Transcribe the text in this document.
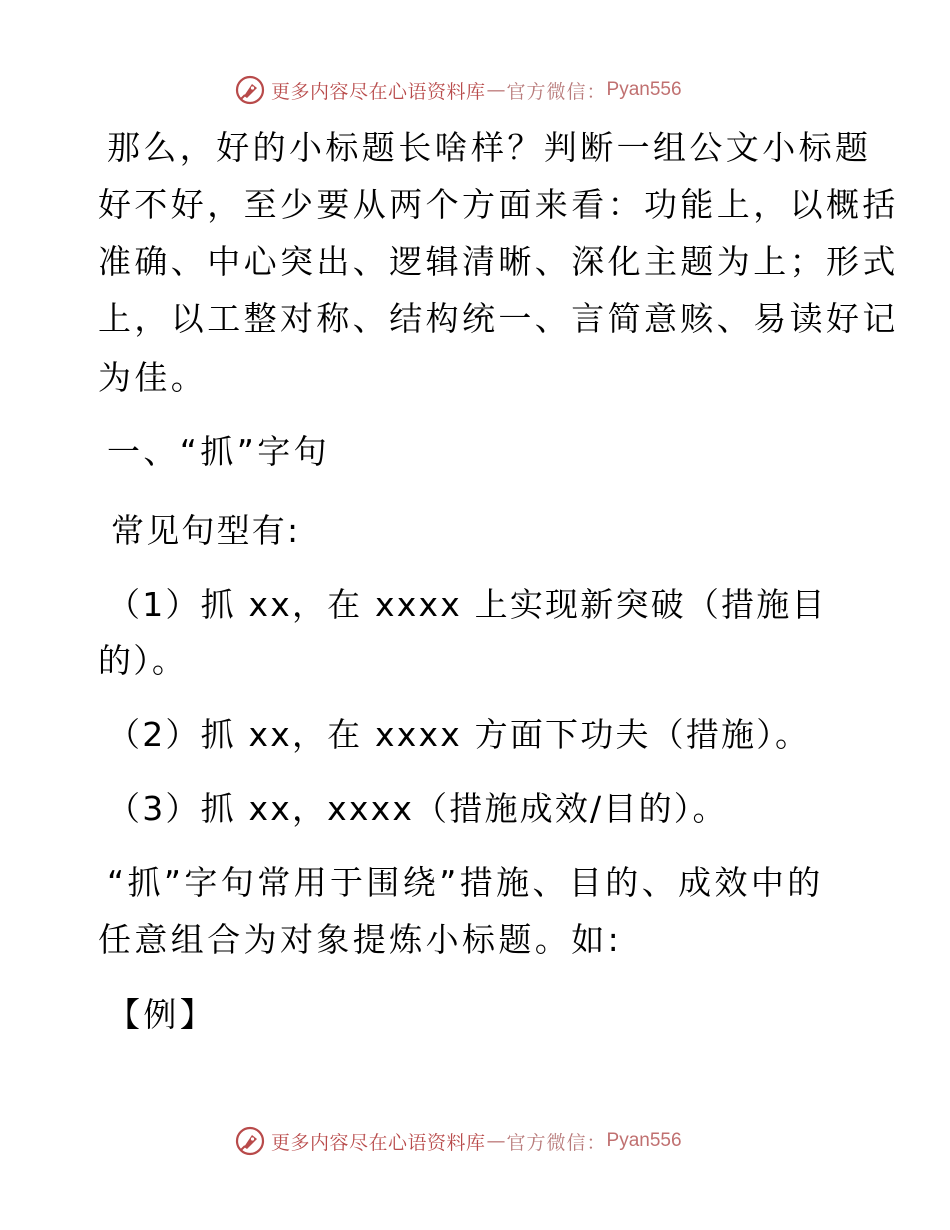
更多内容尽在心语资料库 — 官方微信： Pyan556
那么，好的小标题长啥样？判断一组公文小标题
好不好，至少要从两个方面来看：功能上，以概括
准确、中心突出、逻辑清晰、深化主题为上；形式
上，以工整对称、结构统一、言简意赅、易读好记
为佳。
一、“抓”字句
常见句型有:
（1）抓 xx，在 xxxx 上实现新突破（措施目
的）。
（2）抓 xx，在 xxxx 方面下功夫（措施）。
（3）抓 xx，xxxx（措施成效/目的）。
“抓”字句常用于围绕”措施、目的、成效中的
任意组合为对象提炼小标题。如:
【例】
更多内容尽在心语资料库 — 官方微信： Pyan556
